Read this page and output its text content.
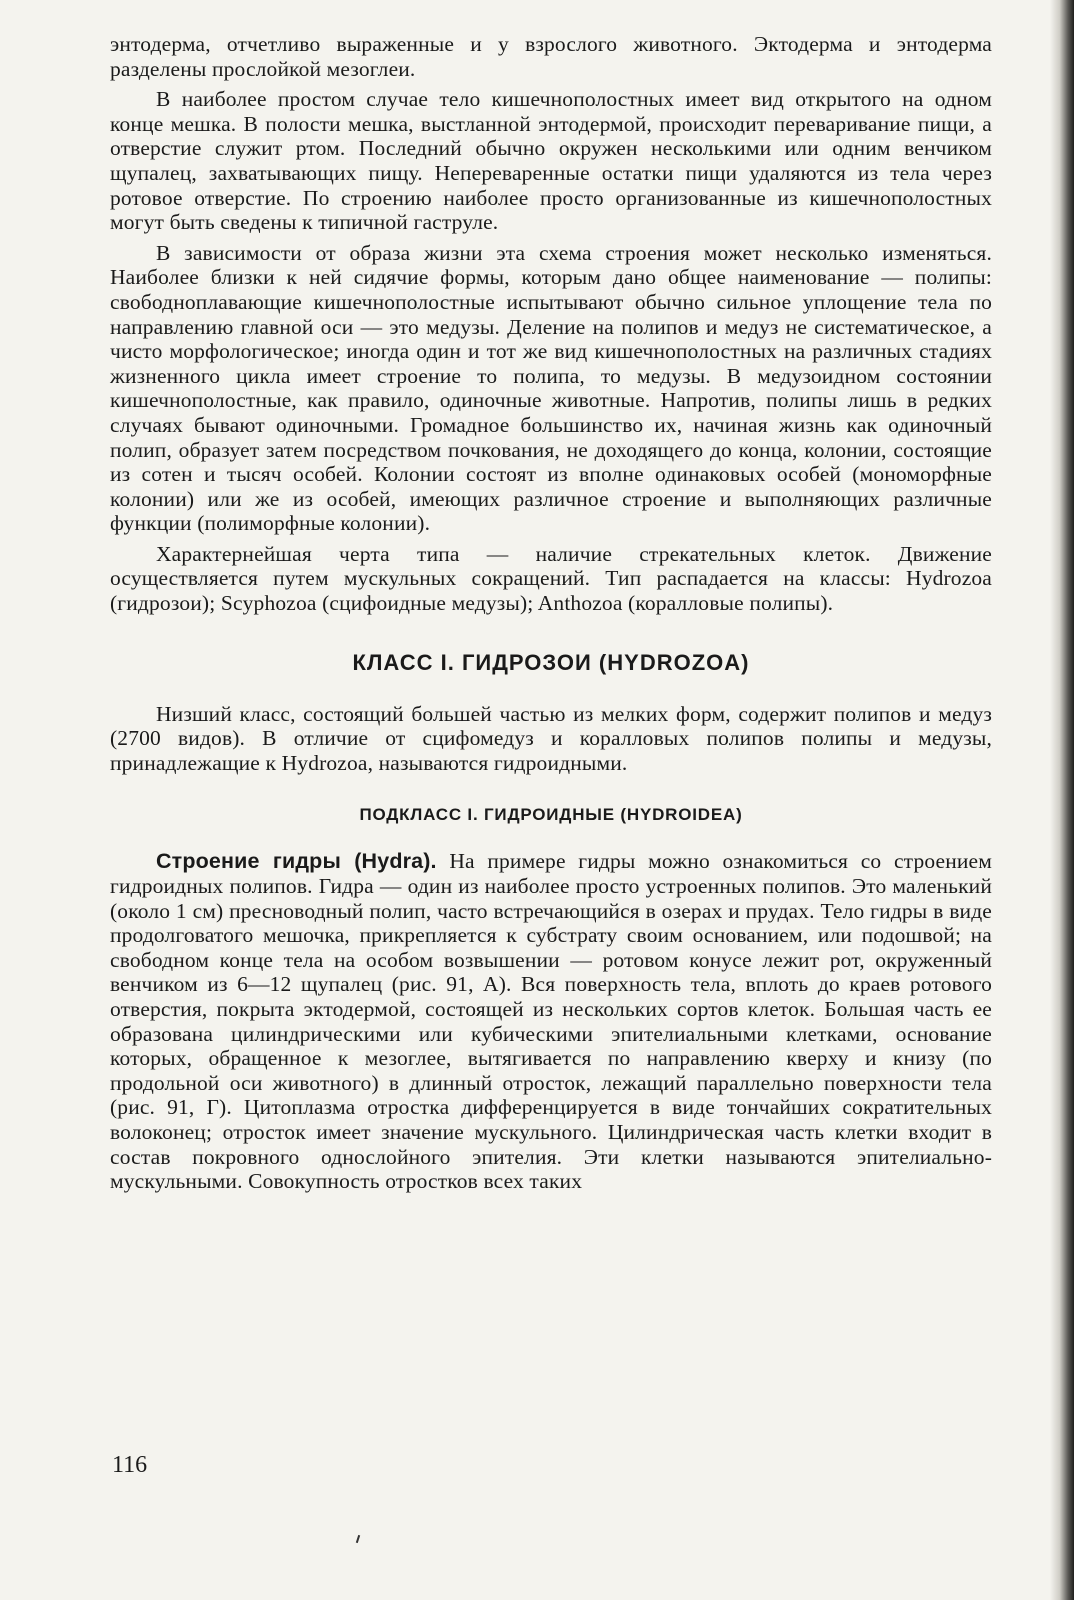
энтодерма, отчетливо выраженные и у взрослого животного. Эктодерма и энтодерма разделены прослойкой мезоглеи.

В наиболее простом случае тело кишечнополостных имеет вид открытого на одном конце мешка. В полости мешка, выстланной энтодермой, происходит переваривание пищи, а отверстие служит ртом. Последний обычно окружен несколькими или одним венчиком щупалец, захватывающих пищу. Непереваренные остатки пищи удаляются из тела через ротовое отверстие. По строению наиболее просто организованные из кишечнополостных могут быть сведены к типичной гаструле.

В зависимости от образа жизни эта схема строения может несколько изменяться. Наиболее близки к ней сидячие формы, которым дано общее наименование — полипы: свободноплавающие кишечнополостные испытывают обычно сильное уплощение тела по направлению главной оси — это медузы. Деление на полипов и медуз не систематическое, а чисто морфологическое; иногда один и тот же вид кишечнополостных на различных стадиях жизненного цикла имеет строение то полипа, то медузы. В медузоидном состоянии кишечнополостные, как правило, одиночные животные. Напротив, полипы лишь в редких случаях бывают одиночными. Громадное большинство их, начиная жизнь как одиночный полип, образует затем посредством почкования, не доходящего до конца, колонии, состоящие из сотен и тысяч особей. Колонии состоят из вполне одинаковых особей (мономорфные колонии) или же из особей, имеющих различное строение и выполняющих различные функции (полиморфные колонии).

Характернейшая черта типа — наличие стрекательных клеток. Движение осуществляется путем мускульных сокращений. Тип распадается на классы: Hydrozoa (гидрозои); Scyphozoa (сцифоидные медузы); Anthozoa (коралловые полипы).

КЛАСС I. ГИДРОЗОИ (HYDROZOA)

Низший класс, состоящий большей частью из мелких форм, содержит полипов и медуз (2700 видов). В отличие от сцифомедуз и коралловых полипов полипы и медузы, принадлежащие к Hydrozoa, называются гидроидными.

ПОДКЛАСС I. ГИДРОИДНЫЕ (HYDROIDEA)

Строение гидры (Hydra). На примере гидры можно ознакомиться со строением гидроидных полипов. Гидра — один из наиболее просто устроенных полипов. Это маленький (около 1 см) пресноводный полип, часто встречающийся в озерах и прудах. Тело гидры в виде продолговатого мешочка, прикрепляется к субстрату своим основанием, или подошвой; на свободном конце тела на особом возвышении — ротовом конусе лежит рот, окруженный венчиком из 6—12 щупалец (рис. 91, А). Вся поверхность тела, вплоть до краев ротового отверстия, покрыта эктодермой, состоящей из нескольких сортов клеток. Большая часть ее образована цилиндрическими или кубическими эпителиальными клетками, основание которых, обращенное к мезоглее, вытягивается по направлению кверху и книзу (по продольной оси животного) в длинный отросток, лежащий параллельно поверхности тела (рис. 91, Г). Цитоплазма отростка дифференцируется в виде тончайших сократительных волоконец; отросток имеет значение мускульного. Цилиндрическая часть клетки входит в состав покровного однослойного эпителия. Эти клетки называются эпителиально-мускульными. Совокупность отростков всех таких

116
